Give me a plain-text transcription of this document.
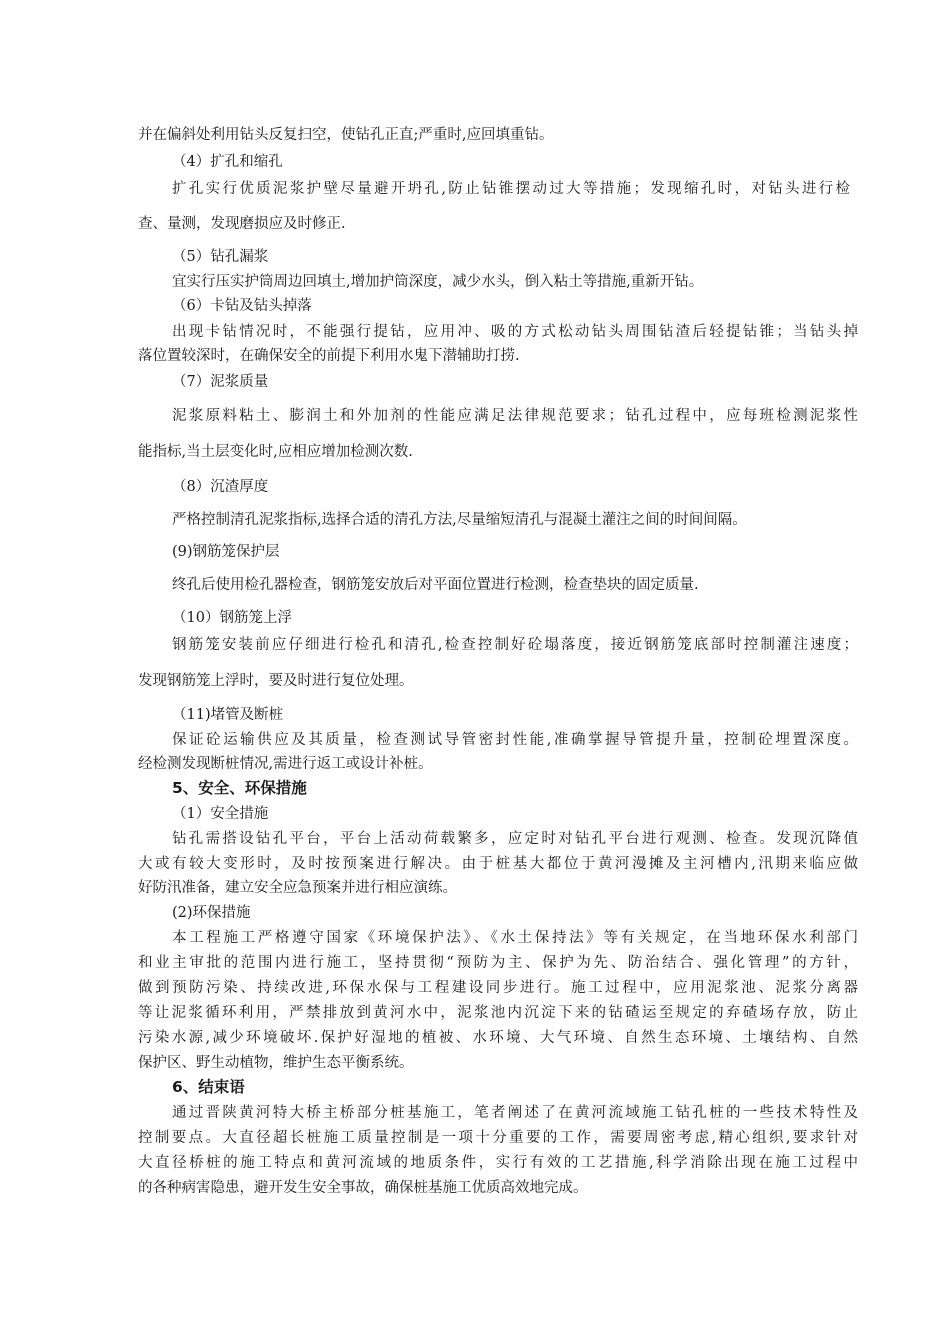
并在偏斜处利用钻头反复扫空，使钻孔正直;严重时,应回填重钻。
（4）扩孔和缩孔
扩孔实行优质泥浆护壁尽量避开坍孔,防止钻锥摆动过大等措施；发现缩孔时，对钻头进行检
查、量测，发现磨损应及时修正.
（5）钻孔漏浆
宜实行压实护筒周边回填土,增加护筒深度，减少水头，倒入粘土等措施,重新开钻。
（6）卡钻及钻头掉落
出现卡钻情况时，不能强行提钻，应用冲、吸的方式松动钻头周围钻渣后轻提钻锥；当钻头掉
落位置较深时，在确保安全的前提下利用水鬼下潜辅助打捞.
（7）泥浆质量
泥浆原料粘土、膨润土和外加剂的性能应满足法律规范要求；钻孔过程中，应每班检测泥浆性
能指标,当土层变化时,应相应增加检测次数.
（8）沉渣厚度
严格控制清孔泥浆指标,选择合适的清孔方法,尽量缩短清孔与混凝土灌注之间的时间间隔。
(9)钢筋笼保护层
终孔后使用检孔器检查，钢筋笼安放后对平面位置进行检测，检查垫块的固定质量.
（10）钢筋笼上浮
钢筋笼安装前应仔细进行检孔和清孔,检查控制好砼塌落度，接近钢筋笼底部时控制灌注速度；
发现钢筋笼上浮时，要及时进行复位处理。
（11)堵管及断桩
保证砼运输供应及其质量，检查测试导管密封性能,准确掌握导管提升量，控制砼埋置深度。
经检测发现断桩情况,需进行返工或设计补桩。
5、安全、环保措施
（1）安全措施
钻孔需搭设钻孔平台，平台上活动荷载繁多，应定时对钻孔平台进行观测、检查。发现沉降值
大或有较大变形时，及时按预案进行解决。由于桩基大都位于黄河漫摊及主河槽内,汛期来临应做
好防汛准备，建立安全应急预案并进行相应演练。
(2)环保措施
本工程施工严格遵守国家《环境保护法》、《水土保持法》等有关规定，在当地环保水利部门
和业主审批的范围内进行施工，坚持贯彻“预防为主、保护为先、防治结合、强化管理”的方针，
做到预防污染、持续改进,环保水保与工程建设同步进行。施工过程中，应用泥浆池、泥浆分离器
等让泥浆循环利用，严禁排放到黄河水中，泥浆池内沉淀下来的钻碴运至规定的弃碴场存放，防止
污染水源,减少环境破坏.保护好湿地的植被、水环境、大气环境、自然生态环境、土壤结构、自然
保护区、野生动植物，维护生态平衡系统。
6、结束语
通过晋陕黄河特大桥主桥部分桩基施工，笔者阐述了在黄河流域施工钻孔桩的一些技术特性及
控制要点。大直径超长桩施工质量控制是一项十分重要的工作，需要周密考虑,精心组织,要求针对
大直径桥桩的施工特点和黄河流域的地质条件，实行有效的工艺措施,科学消除出现在施工过程中
的各种病害隐患，避开发生安全事故，确保桩基施工优质高效地完成。
